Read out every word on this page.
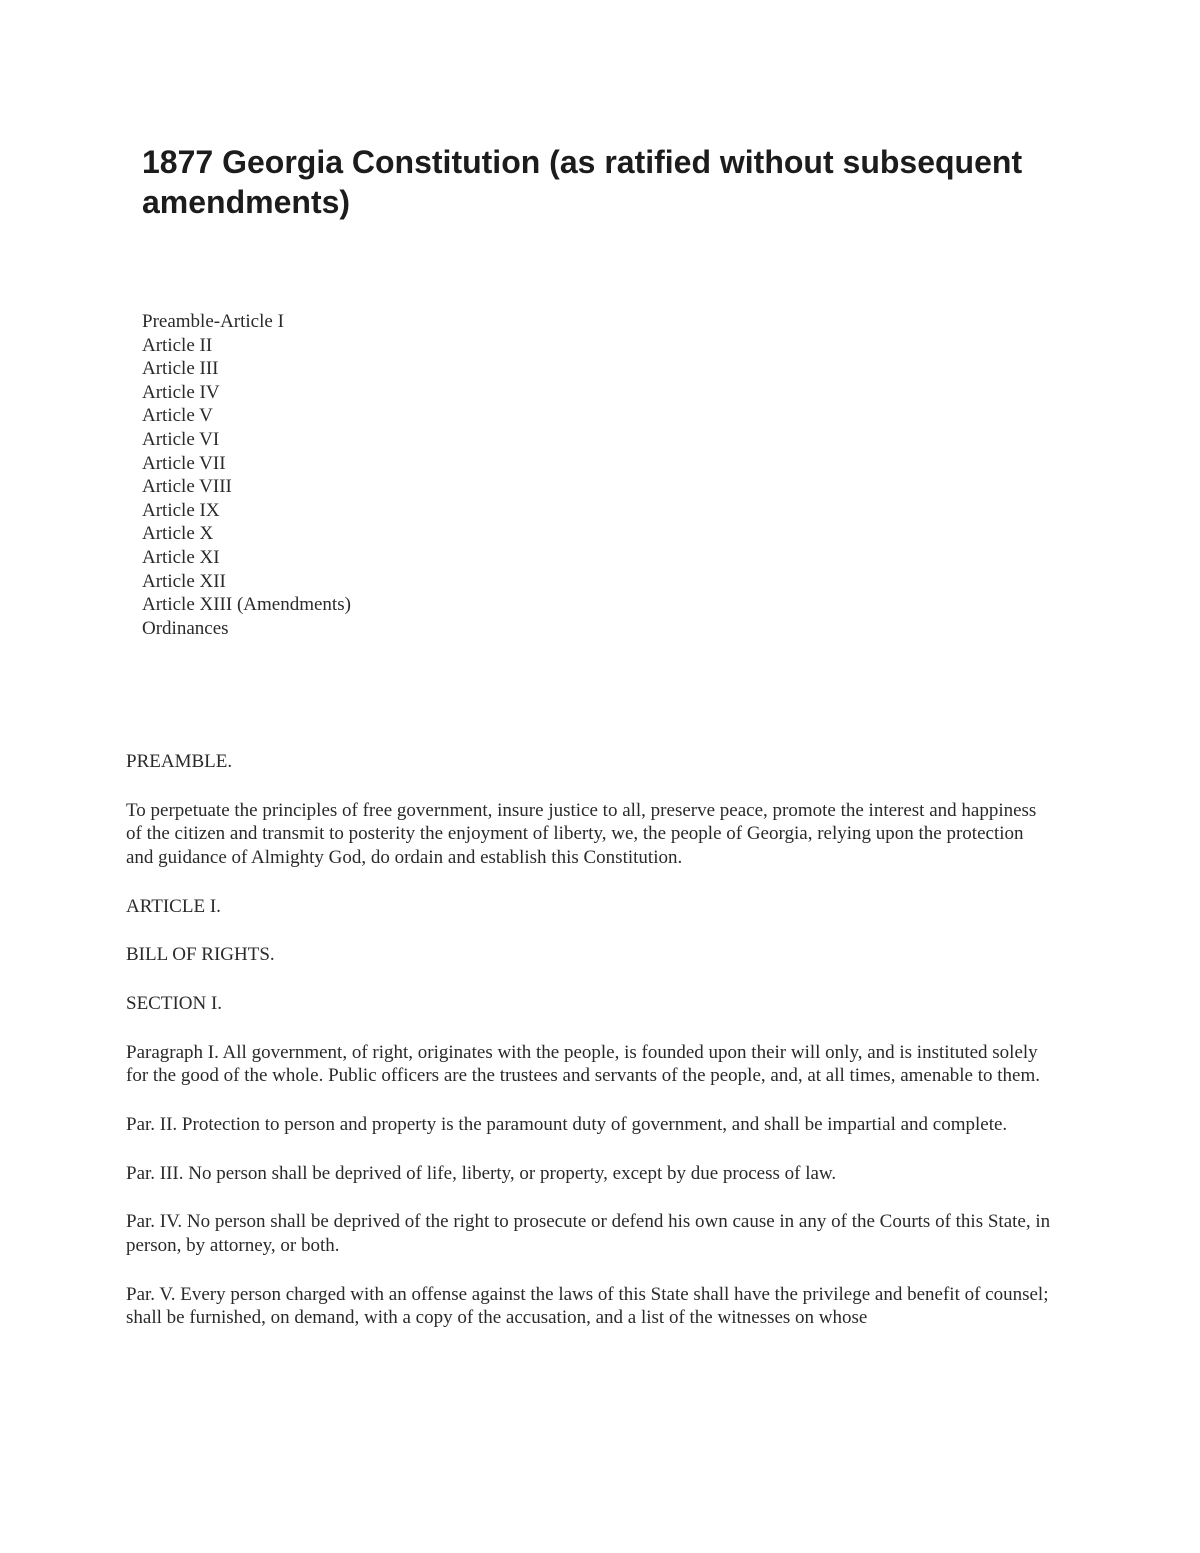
1877 Georgia Constitution (as ratified without subsequent amendments)
Preamble-Article I
Article II
Article III
Article IV
Article V
Article VI
Article VII
Article VIII
Article IX
Article X
Article XI
Article XII
Article XIII (Amendments)
Ordinances

PREAMBLE.

To perpetuate the principles of free government, insure justice to all, preserve peace, promote the interest and happiness of the citizen and transmit to posterity the enjoyment of liberty, we, the people of Georgia, relying upon the protection and guidance of Almighty God, do ordain and establish this Constitution.

ARTICLE I.

BILL OF RIGHTS.

SECTION I.

Paragraph I. All government, of right, originates with the people, is founded upon their will only, and is instituted solely for the good of the whole. Public officers are the trustees and servants of the people, and, at all times, amenable to them.

Par. II. Protection to person and property is the paramount duty of government, and shall be impartial and complete.

Par. III. No person shall be deprived of life, liberty, or property, except by due process of law.

Par. IV. No person shall be deprived of the right to prosecute or defend his own cause in any of the Courts of this State, in person, by attorney, or both.

Par. V. Every person charged with an offense against the laws of this State shall have the privilege and benefit of counsel; shall be furnished, on demand, with a copy of the accusation, and a list of the witnesses on whose
